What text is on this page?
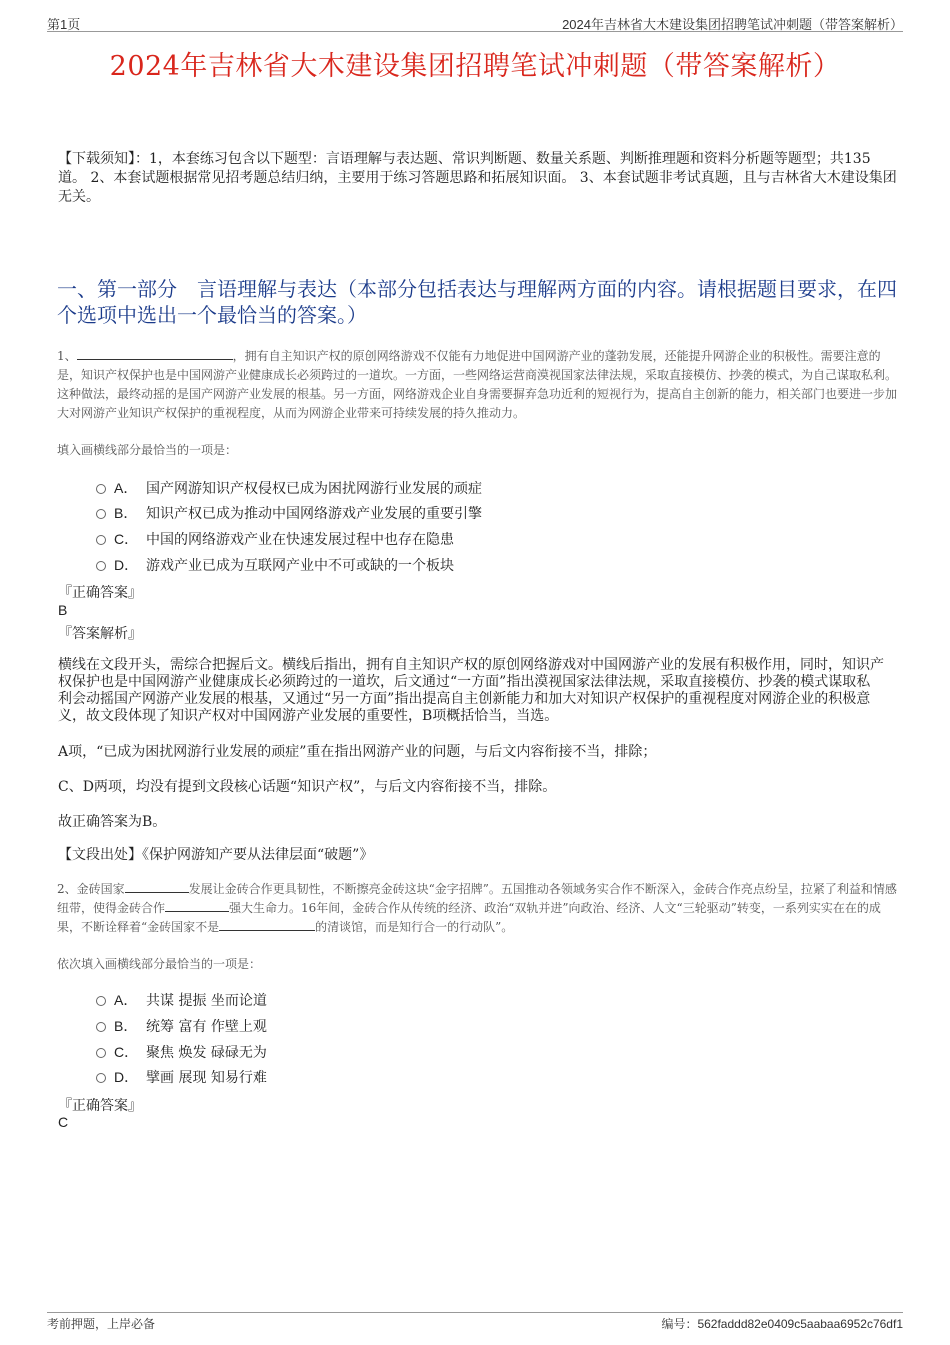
第1页	2024年吉林省大木建设集团招聘笔试冲刺题（带答案解析）
2024年吉林省大木建设集团招聘笔试冲刺题（带答案解析）
【下载须知】：1，本套练习包含以下题型：言语理解与表达题、常识判断题、数量关系题、判断推理题和资料分析题等题型；共135道。 2、本套试题根据常见招考题总结归纳，主要用于练习答题思路和拓展知识面。 3、本套试题非考试真题，且与吉林省大木建设集团无关。
一、第一部分　言语理解与表达（本部分包括表达与理解两方面的内容。请根据题目要求，在四个选项中选出一个最恰当的答案。）
1、	，拥有自主知识产权的原创网络游戏不仅能有力地促进中国网游产业的蓬勃发展，还能提升网游企业的积极性。需要注意的是，知识产权保护也是中国网游产业健康成长必须跨过的一道坎。一方面，一些网络运营商漠视国家法律法规，采取直接模仿、抄袭的模式，为自己谋取私利。这种做法，最终动摇的是国产网游产业发展的根基。另一方面，网络游戏企业自身需要摒弃急功近利的短视行为，提高自主创新的能力，相关部门也要进一步加大对网游产业知识产权保护的重视程度，从而为网游企业带来可持续发展的持久推动力。
填入画横线部分最恰当的一项是：
A． 国产网游知识产权侵权已成为困扰网游行业发展的顽症
B． 知识产权已成为推动中国网络游戏产业发展的重要引擎
C． 中国的网络游戏产业在快速发展过程中也存在隐患
D． 游戏产业已成为互联网产业中不可或缺的一个板块
『正确答案』
B
『答案解析』
横线在文段开头，需综合把握后文。横线后指出，拥有自主知识产权的原创网络游戏对中国网游产业的发展有积极作用，同时，知识产权保护也是中国网游产业健康成长必须跨过的一道坎，后文通过“一方面”指出漠视国家法律法规，采取直接模仿、抄袭的模式谋取私利会动摇国产网游产业发展的根基，又通过“另一方面”指出提高自主创新能力和加大对知识产权保护的重视程度对网游企业的积极意义，故文段体现了知识产权对中国网游产业发展的重要性，B项概括恰当，当选。
A项，“已成为困扰网游行业发展的顽症”重在指出网游产业的问题，与后文内容衔接不当，排除；
C、D两项，均没有提到文段核心话题“知识产权”，与后文内容衔接不当，排除。
故正确答案为B。
【文段出处】《保护网游知产要从法律层面“破题”》
2、金砖国家	发展让金砖合作更具韧性，不断擦亮金砖这块“金字招牌”。五国推动各领域务实合作不断深入，金砖合作亮点纷呈，拉紧了利益和情感纽带，使得金砖合作	强大生命力。16年间，金砖合作从传统的经济、政治“双轨并进”向政治、经济、人文“三轮驱动”转变，一系列实实在在的成果，不断诠释着“金砖国家不是	的清谈馆，而是知行合一的行动队”。
依次填入画横线部分最恰当的一项是：
A． 共谋 提振 坐而论道
B． 统筹 富有 作壁上观
C． 聚焦 焕发 碌碌无为
D． 擘画 展现 知易行难
『正确答案』
C
考前押题，上岸必备	编号：562faddd82e0409c5aabaa6952c76df1
